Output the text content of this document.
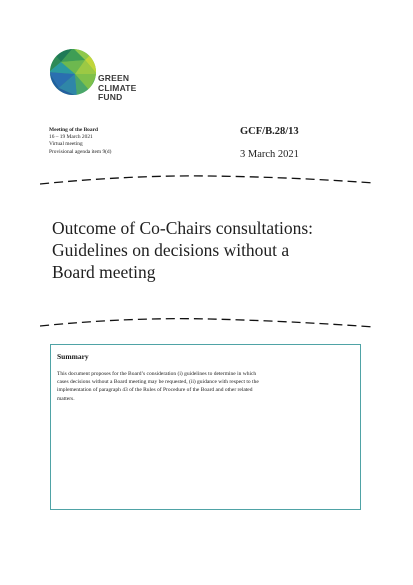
GREEN
CLIMATE
FUND
Meeting of the Board
16 – 19 March 2021
Virtual meeting
Provisional agenda item 9(d)
GCF/B.28/13
3 March 2021
Outcome of Co-Chairs consultations:
Guidelines on decisions without a
Board meeting
Summary
This document proposes for the Board’s consideration (i) guidelines to determine in which
cases decisions without a Board meeting may be requested, (ii) guidance with respect to the
implementation of paragraph 43 of the Rules of Procedure of the Board and other related
matters.
